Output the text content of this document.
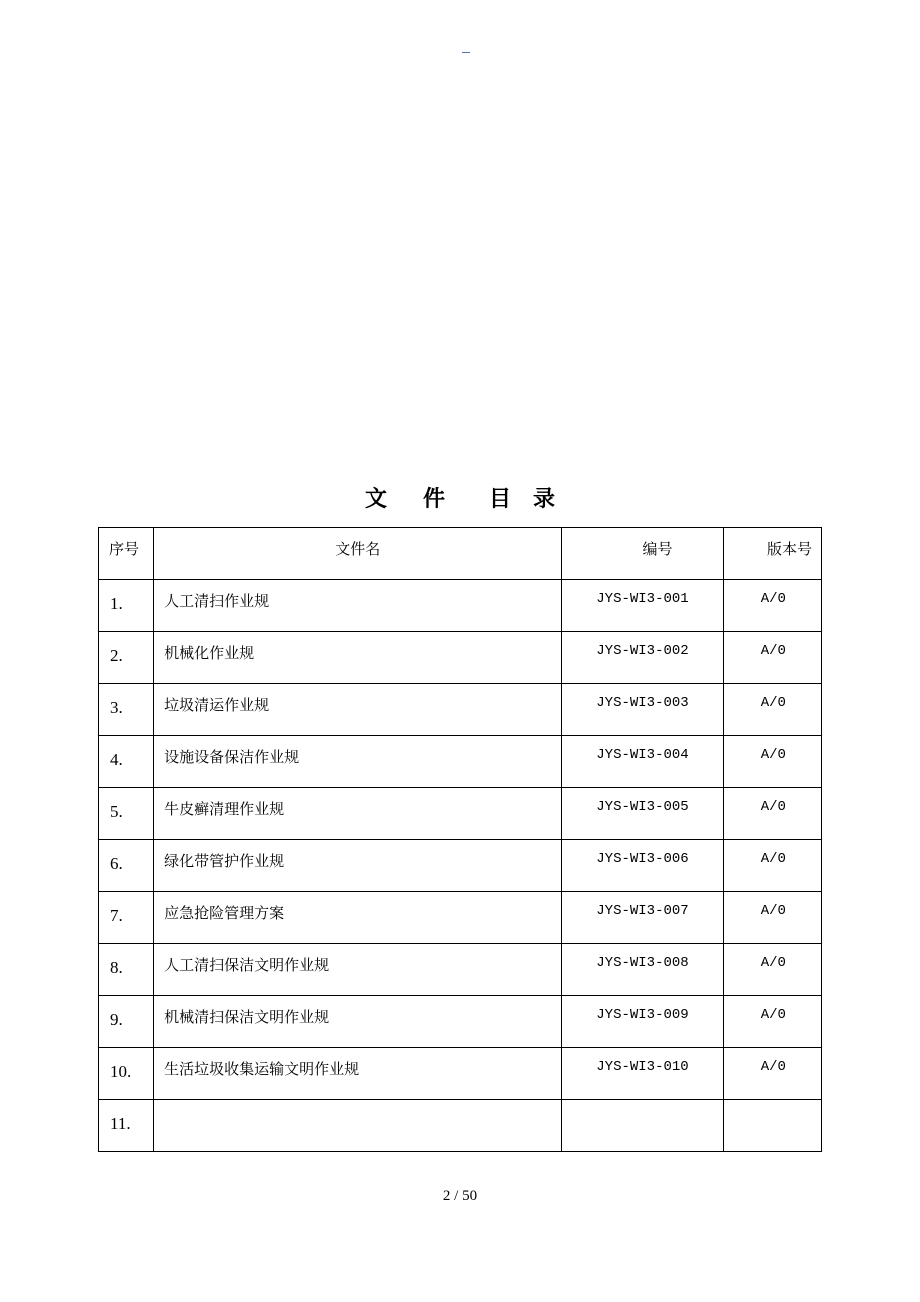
文 件 目 录
序号	文件名	编号	版本号

1.	人工清扫作业规	JYS-WI3-001	A/0

2.	机械化作业规	JYS-WI3-002	A/0

3.	垃圾清运作业规	JYS-WI3-003	A/0

4.	设施设备保洁作业规	JYS-WI3-004	A/0

5.	牛皮癣清理作业规	JYS-WI3-005	A/0

6.	绿化带管护作业规	JYS-WI3-006	A/0

7.	应急抢险管理方案	JYS-WI3-007	A/0

8.	人工清扫保洁文明作业规	JYS-WI3-008	A/0

9.	机械清扫保洁文明作业规	JYS-WI3-009	A/0

10.	生活垃圾收集运输文明作业规	JYS-WI3-010	A/0

11.			

2 / 50
